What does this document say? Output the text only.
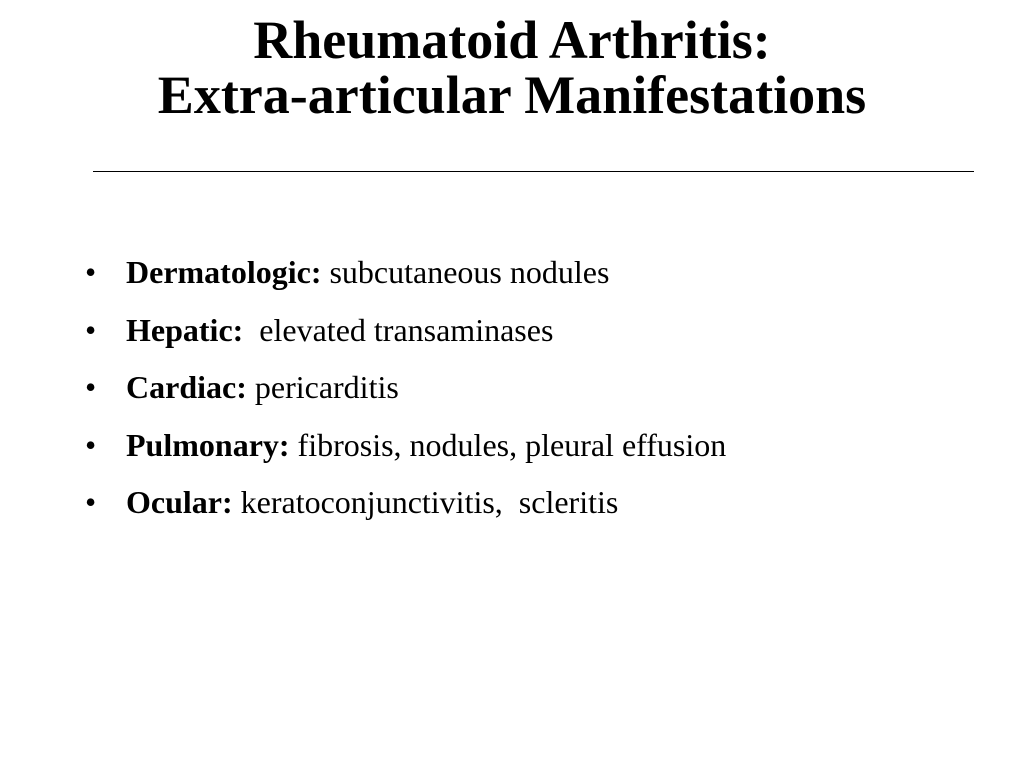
Rheumatoid Arthritis:
Extra-articular Manifestations

•

Dermatologic: subcutaneous nodules

•

Hepatic:  elevated transaminases

•

Cardiac: pericarditis

•

Pulmonary: fibrosis, nodules, pleural effusion

•

Ocular: keratoconjunctivitis,  scleritis
